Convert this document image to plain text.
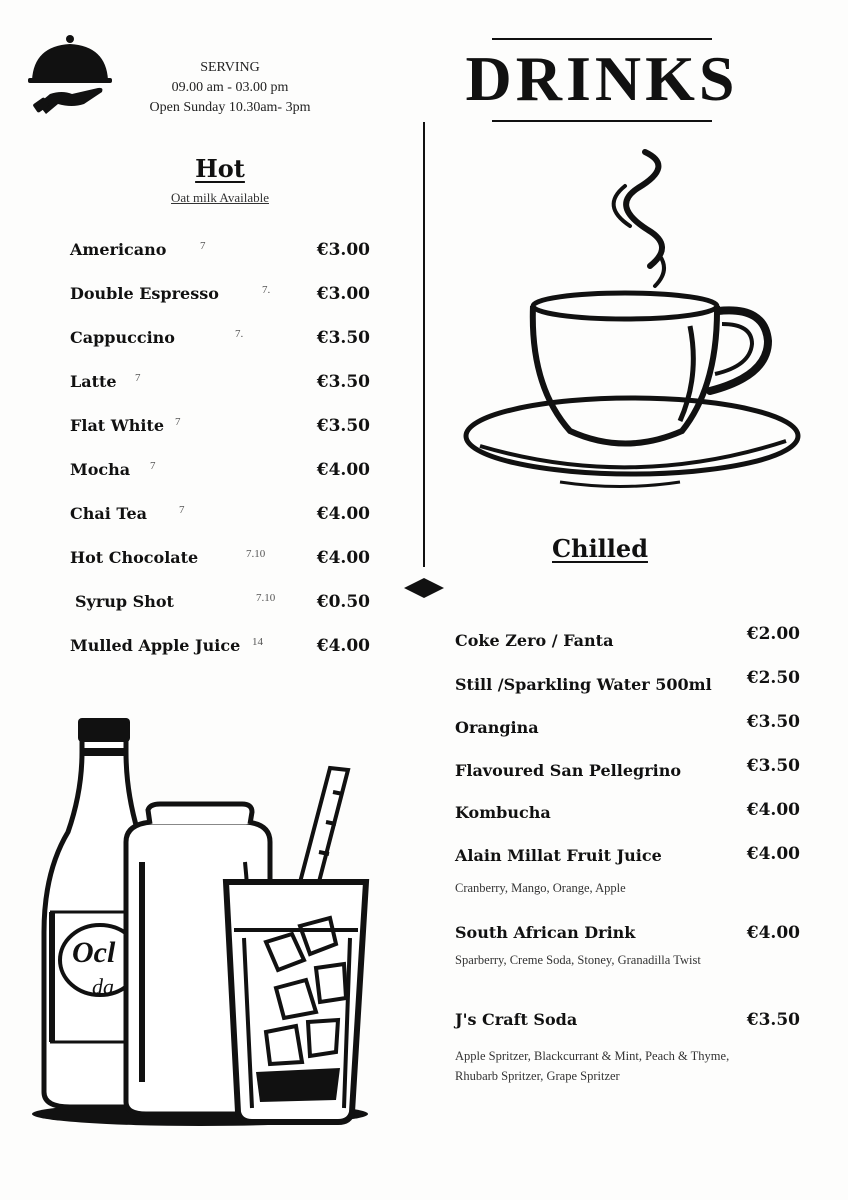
SERVING
09.00 am - 03.00 pm
Open Sunday 10.30am- 3pm	DRINKS
Hot
Oat milk Available
Americano	7	€3.00
Double Espresso	7.	€3.00
Cappuccino	7.	€3.50
Latte 7	€3.50
Flat White 7	€3.50
Mocha 7	€4.00
Chai Tea	7	€4.00
Hot Chocolate	7.10	€4.00
Syrup Shot	7.10 €0.50
Mulled Apple Juice 14	€4.00
Chilled
Coke Zero / Fanta	€2.00
Still /Sparkling Water 500ml €2.50
Orangina	€3.50
Flavoured San Pellegrino	€3.50
Kombucha	€4.00
Alain Millat Fruit Juice	€4.00
Cranberry, Mango, Orange, Apple
South African Drink	€4.00
Sparberry, Creme Soda, Stoney, Granadilla Twist
J's Craft Soda	€3.50
Apple Spritzer, Blackcurrant & Mint, Peach & Thyme, Rhubarb Spritzer, Grape Spritzer
Ocl
da
